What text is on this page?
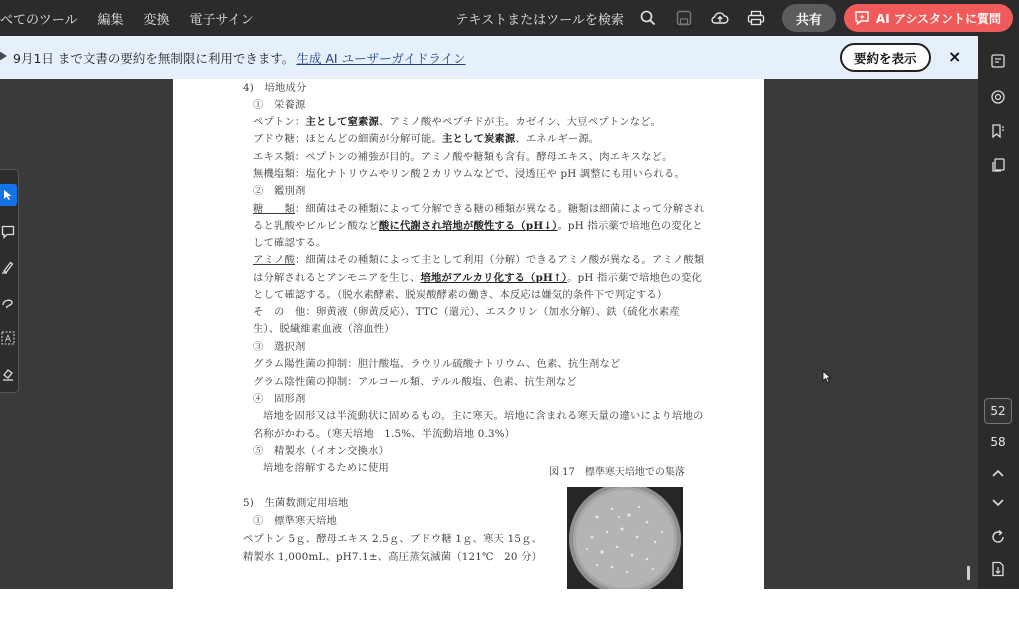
べてのツール 編集 変換 電子サイン	テキストまたはツールを検索	共有	AI アシスタントに質問
9月1日 まで文書の要約を無制限に利用できます。 生成 AI ユーザーガイドライン	要約を表示	×
4)　培地成分
①　栄養源
ペプトン：主として窒素源、アミノ酸やペプチドが主。カゼイン、大豆ペプトンなど。
ブドウ糖：ほとんどの細菌が分解可能。主として炭素源、エネルギー源。
エキス類：ペプトンの補強が目的。アミノ酸や糖類も含有。酵母エキス、肉エキスなど。
無機塩類：塩化ナトリウムやリン酸２カリウムなどで、浸透圧や pH 調整にも用いられる。
②　鑑別剤
糖　　類：細菌はその種類によって分解できる糖の種類が異なる。糖類は細菌によって分解され
ると乳酸やピルビン酸など酸に代謝され培地が酸性する（pH↓）。pH 指示薬で培地色の変化と
して確認する。
アミノ酸：細菌はその種類によって主として利用（分解）できるアミノ酸が異なる。アミノ酸類
は分解されるとアンモニアを生じ、培地がアルカリ化する（pH↑）。pH 指示薬で培地色の変化
として確認する。（脱水素酵素、脱炭酸酵素の働き、本反応は嫌気的条件下で判定する）
そ　の　他：卵黄液（卵黄反応）、TTC（還元）、エスクリン（加水分解）、鉄（硫化水素産
生）、脱繊維素血液（溶血性）
③　選択剤
グラム陽性菌の抑制：胆汁酸塩、ラウリル硫酸ナトリウム、色素、抗生剤など
グラム陰性菌の抑制：アルコール類、テルル酸塩、色素、抗生剤など
④　固形剤
培地を固形又は半流動状に固めるもの。主に寒天。培地に含まれる寒天量の違いにより培地の
名称がかわる。（寒天培地　1.5%、半流動培地 0.3%）
⑤　精製水（イオン交換水）
培地を溶解するために使用	図 17　標準寒天培地での集落
5)　生菌数測定用培地
①　標準寒天培地
ペプトン 5ｇ、酵母エキス 2.5ｇ、ブドウ糖 1ｇ、寒天 15ｇ、
精製水 1,000mL、pH7.1±、高圧蒸気滅菌（121℃　20 分）
A
52
58
